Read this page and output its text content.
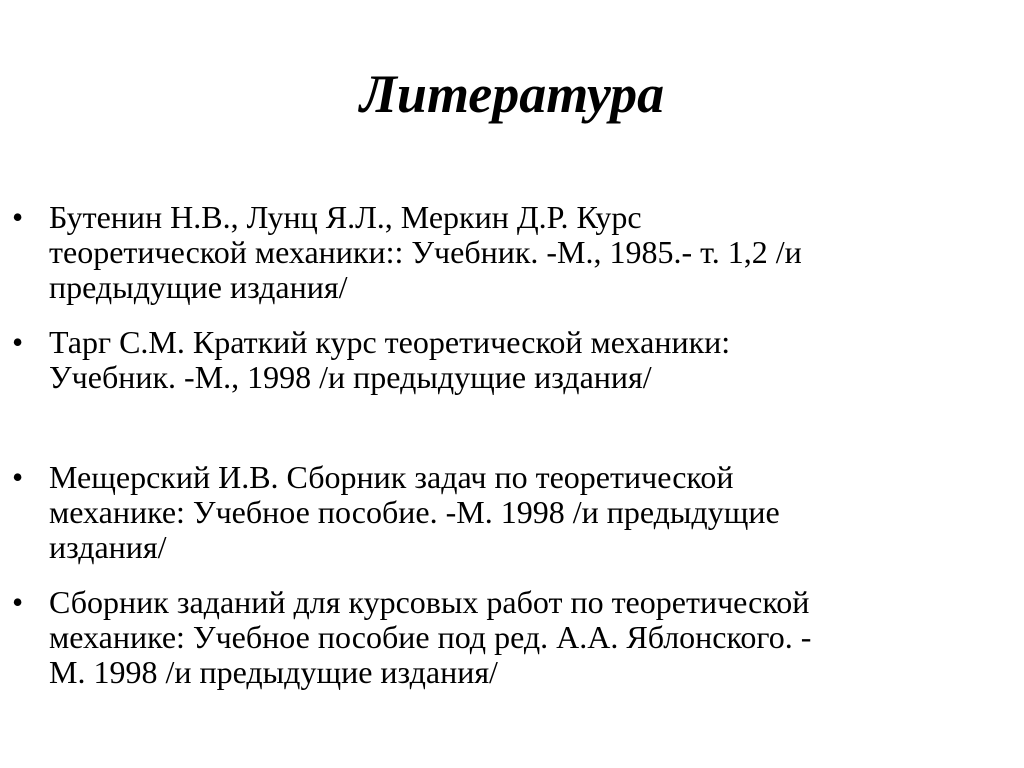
Литература
• Бутенин Н.В., Лунц Я.Л., Меркин Д.Р. Курс
теоретической механики:: Учебник. -М., 1985.- т. 1,2 /и
предыдущие издания/
• Тарг С.М. Краткий курс теоретической механики:
Учебник. -М., 1998 /и предыдущие издания/
• Мещерский И.В. Сборник задач по теоретической
механике: Учебное пособие. -М. 1998 /и предыдущие
издания/
• Сборник заданий для курсовых работ по теоретической
механике: Учебное пособие под ред. А.А. Яблонского. -
М. 1998 /и предыдущие издания/
